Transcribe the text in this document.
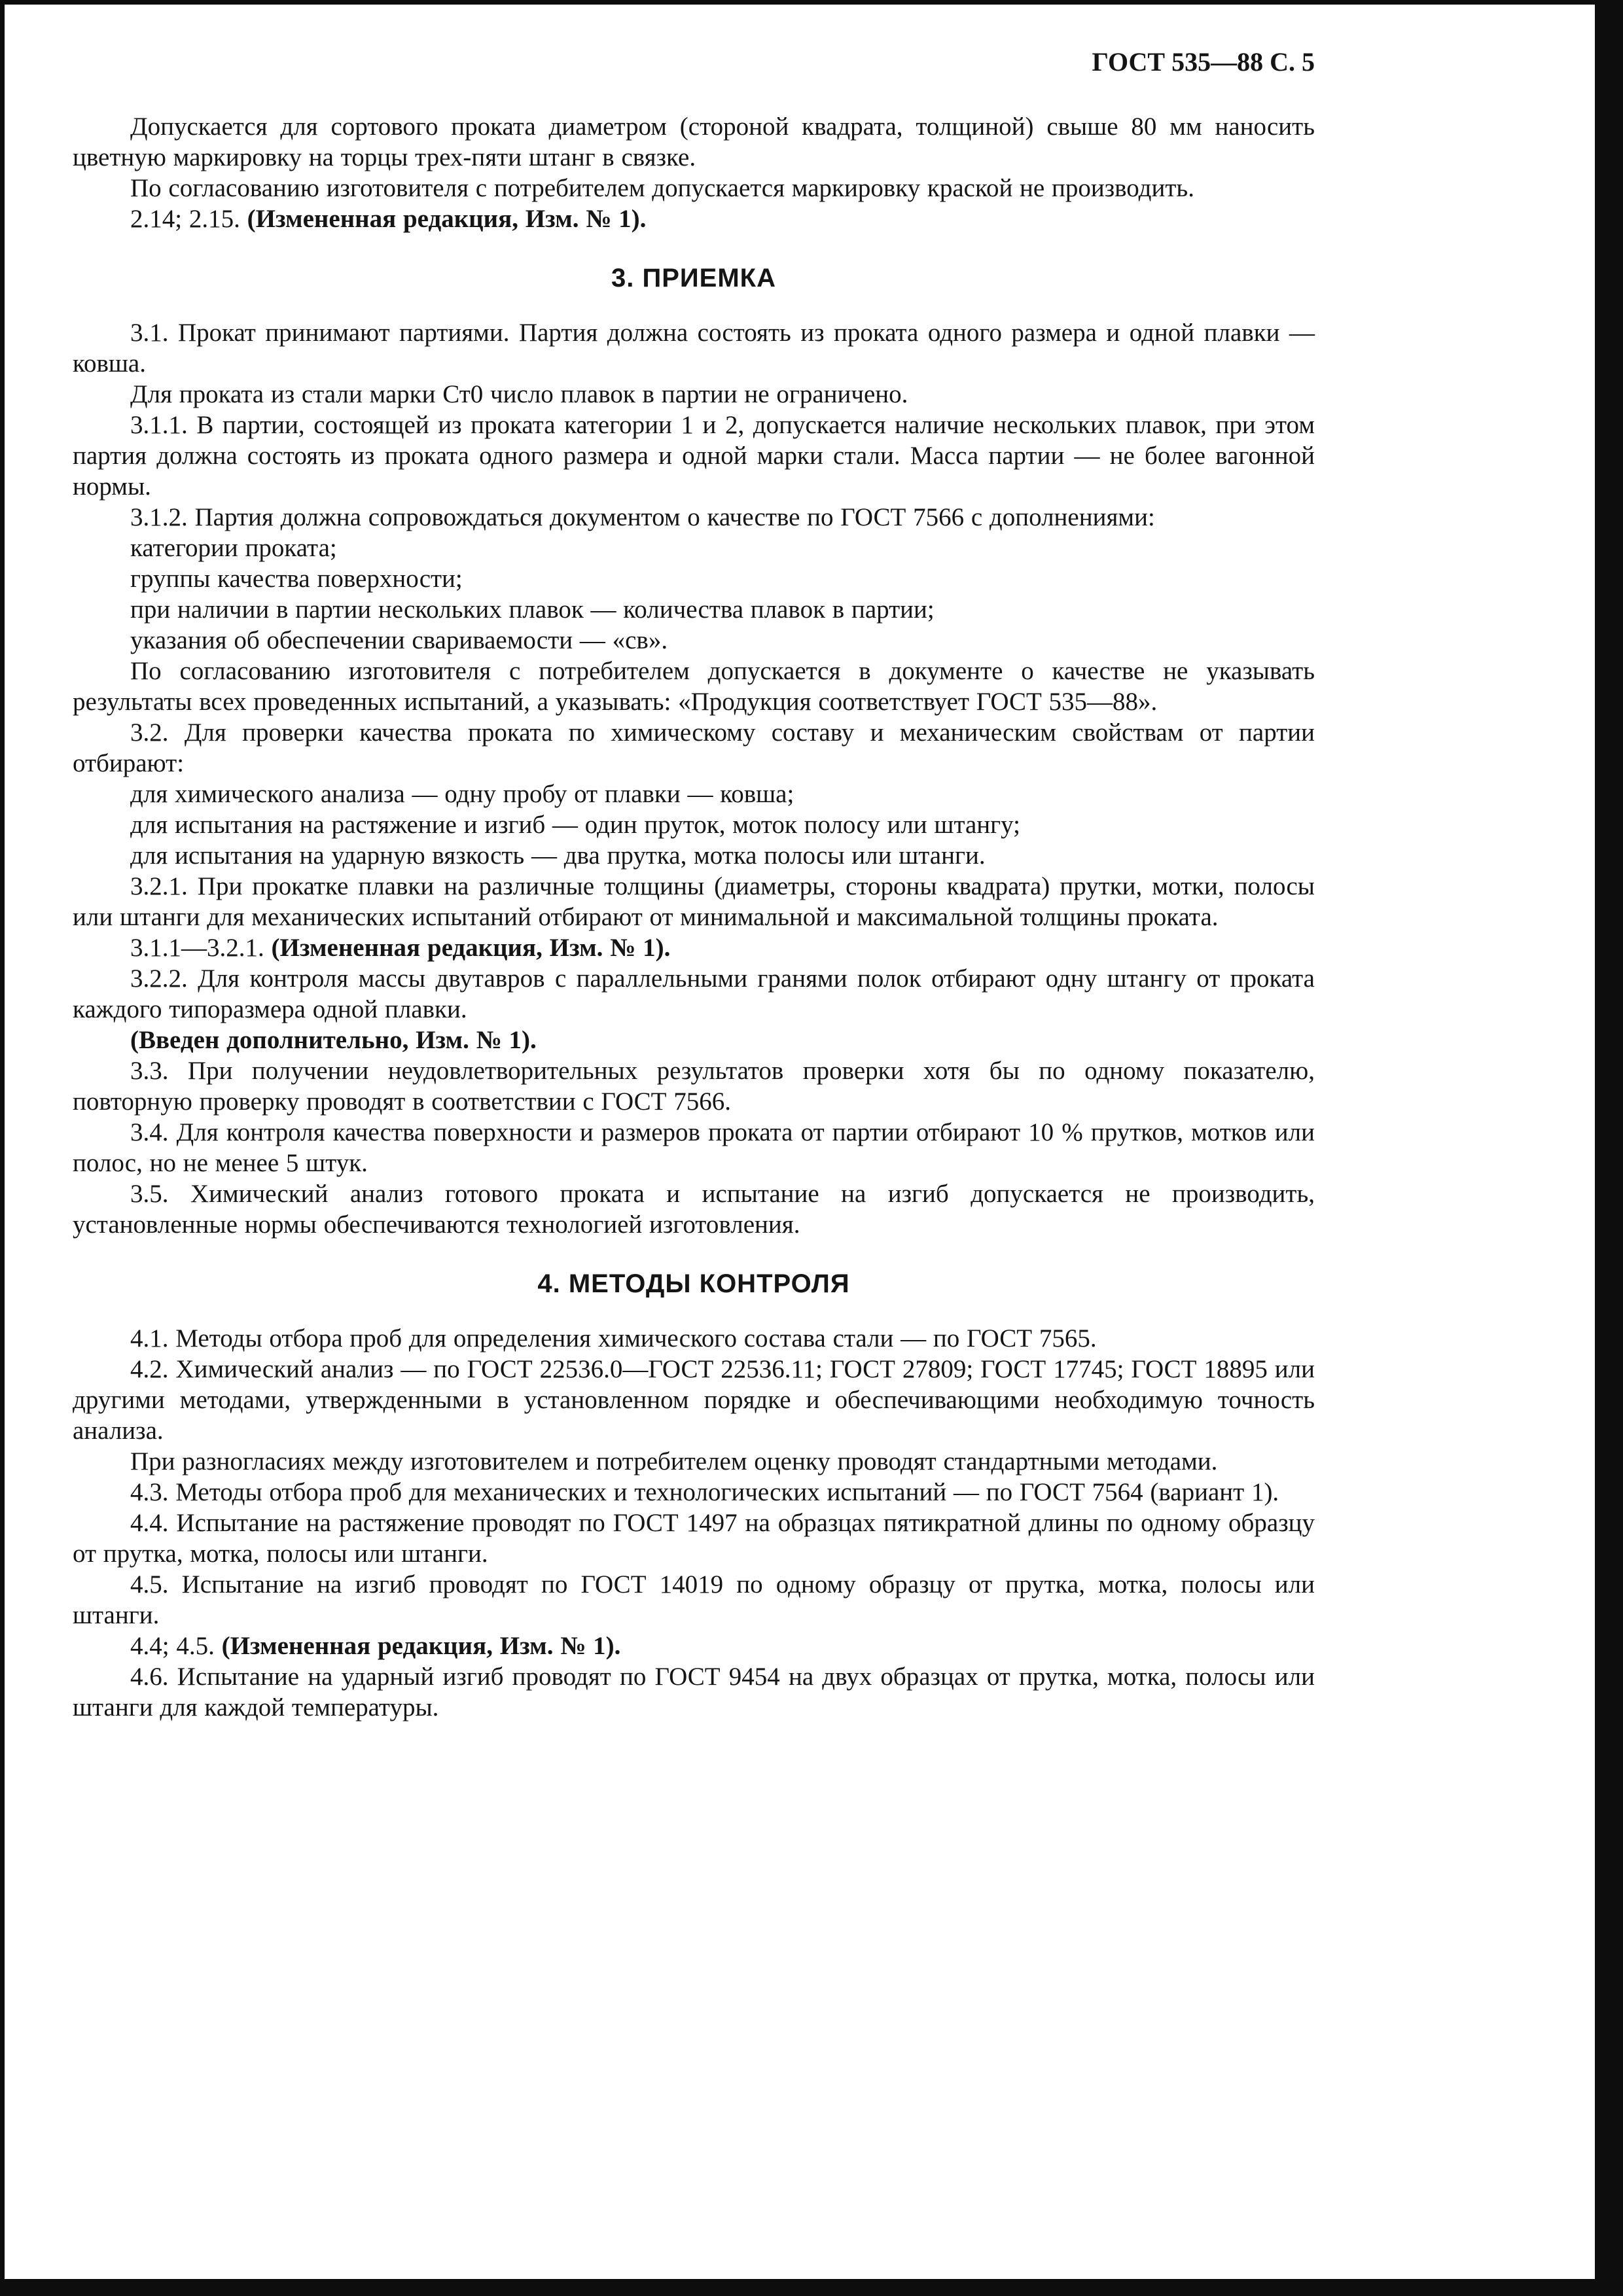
ГОСТ 535—88 С. 5

Допускается для сортового проката диаметром (стороной квадрата, толщиной) свыше 80 мм наносить цветную маркировку на торцы трех-пяти штанг в связке.

По согласованию изготовителя с потребителем допускается маркировку краской не производить.

2.14; 2.15. (Измененная редакция, Изм. № 1).

3. ПРИЕМКА

3.1. Прокат принимают партиями. Партия должна состоять из проката одного размера и одной плавки — ковша.

Для проката из стали марки Ст0 число плавок в партии не ограничено.

3.1.1. В партии, состоящей из проката категории 1 и 2, допускается наличие нескольких плавок, при этом партия должна состоять из проката одного размера и одной марки стали. Масса партии — не более вагонной нормы.

3.1.2. Партия должна сопровождаться документом о качестве по ГОСТ 7566 с дополнениями:

категории проката;

группы качества поверхности;

при наличии в партии нескольких плавок — количества плавок в партии;

указания об обеспечении свариваемости — «св».

По согласованию изготовителя с потребителем допускается в документе о качестве не указывать результаты всех проведенных испытаний, а указывать: «Продукция соответствует ГОСТ 535—88».

3.2. Для проверки качества проката по химическому составу и механическим свойствам от партии отбирают:

для химического анализа — одну пробу от плавки — ковша;

для испытания на растяжение и изгиб — один пруток, моток полосу или штангу;

для испытания на ударную вязкость — два прутка, мотка полосы или штанги.

3.2.1. При прокатке плавки на различные толщины (диаметры, стороны квадрата) прутки, мотки, полосы или штанги для механических испытаний отбирают от минимальной и максимальной толщины проката.

3.1.1—3.2.1. (Измененная редакция, Изм. № 1).

3.2.2. Для контроля массы двутавров с параллельными гранями полок отбирают одну штангу от проката каждого типоразмера одной плавки.

(Введен дополнительно, Изм. № 1).

3.3. При получении неудовлетворительных результатов проверки хотя бы по одному показателю, повторную проверку проводят в соответствии с ГОСТ 7566.

3.4. Для контроля качества поверхности и размеров проката от партии отбирают 10 % прутков, мотков или полос, но не менее 5 штук.

3.5. Химический анализ готового проката и испытание на изгиб допускается не производить, установленные нормы обеспечиваются технологией изготовления.

4. МЕТОДЫ КОНТРОЛЯ

4.1. Методы отбора проб для определения химического состава стали — по ГОСТ 7565.

4.2. Химический анализ — по ГОСТ 22536.0—ГОСТ 22536.11; ГОСТ 27809; ГОСТ 17745; ГОСТ 18895 или другими методами, утвержденными в установленном порядке и обеспечивающими необходимую точность анализа.

При разногласиях между изготовителем и потребителем оценку проводят стандартными методами.

4.3. Методы отбора проб для механических и технологических испытаний — по ГОСТ 7564 (вариант 1).

4.4. Испытание на растяжение проводят по ГОСТ 1497 на образцах пятикратной длины по одному образцу от прутка, мотка, полосы или штанги.

4.5. Испытание на изгиб проводят по ГОСТ 14019 по одному образцу от прутка, мотка, полосы или штанги.

4.4; 4.5. (Измененная редакция, Изм. № 1).

4.6. Испытание на ударный изгиб проводят по ГОСТ 9454 на двух образцах от прутка, мотка, полосы или штанги для каждой температуры.
